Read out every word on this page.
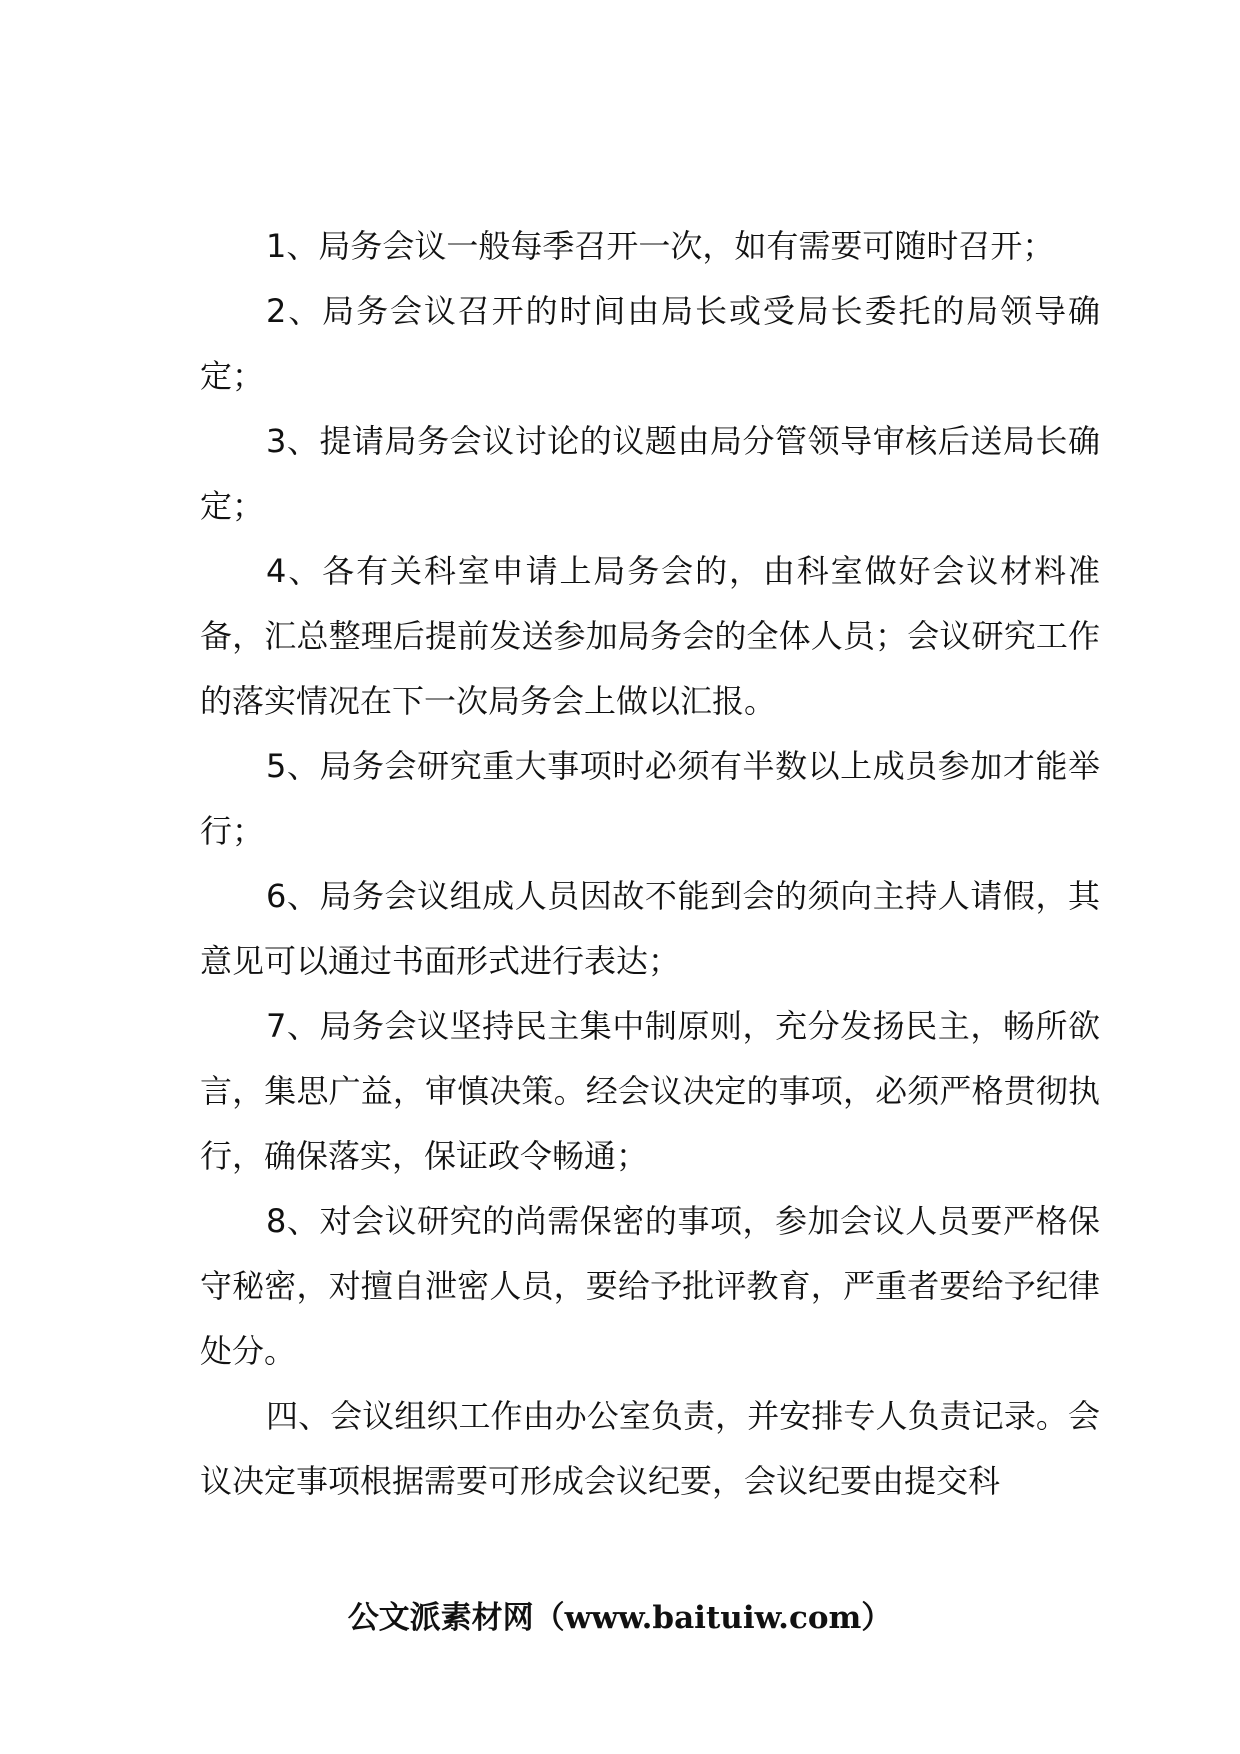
1、局务会议一般每季召开一次，如有需要可随时召开；

2、局务会议召开的时间由局长或受局长委托的局领导确定；

3、提请局务会议讨论的议题由局分管领导审核后送局长确定；

4、各有关科室申请上局务会的，由科室做好会议材料准备，汇总整理后提前发送参加局务会的全体人员；会议研究工作的落实情况在下一次局务会上做以汇报。

5、局务会研究重大事项时必须有半数以上成员参加才能举行；

6、局务会议组成人员因故不能到会的须向主持人请假，其意见可以通过书面形式进行表达；

7、局务会议坚持民主集中制原则，充分发扬民主，畅所欲言，集思广益，审慎决策。经会议决定的事项，必须严格贯彻执行，确保落实，保证政令畅通；

8、对会议研究的尚需保密的事项，参加会议人员要严格保守秘密，对擅自泄密人员，要给予批评教育，严重者要给予纪律处分。

四、会议组织工作由办公室负责，并安排专人负责记录。会议决定事项根据需要可形成会议纪要，会议纪要由提交科

公文派素材网（www.baituiw.com）
